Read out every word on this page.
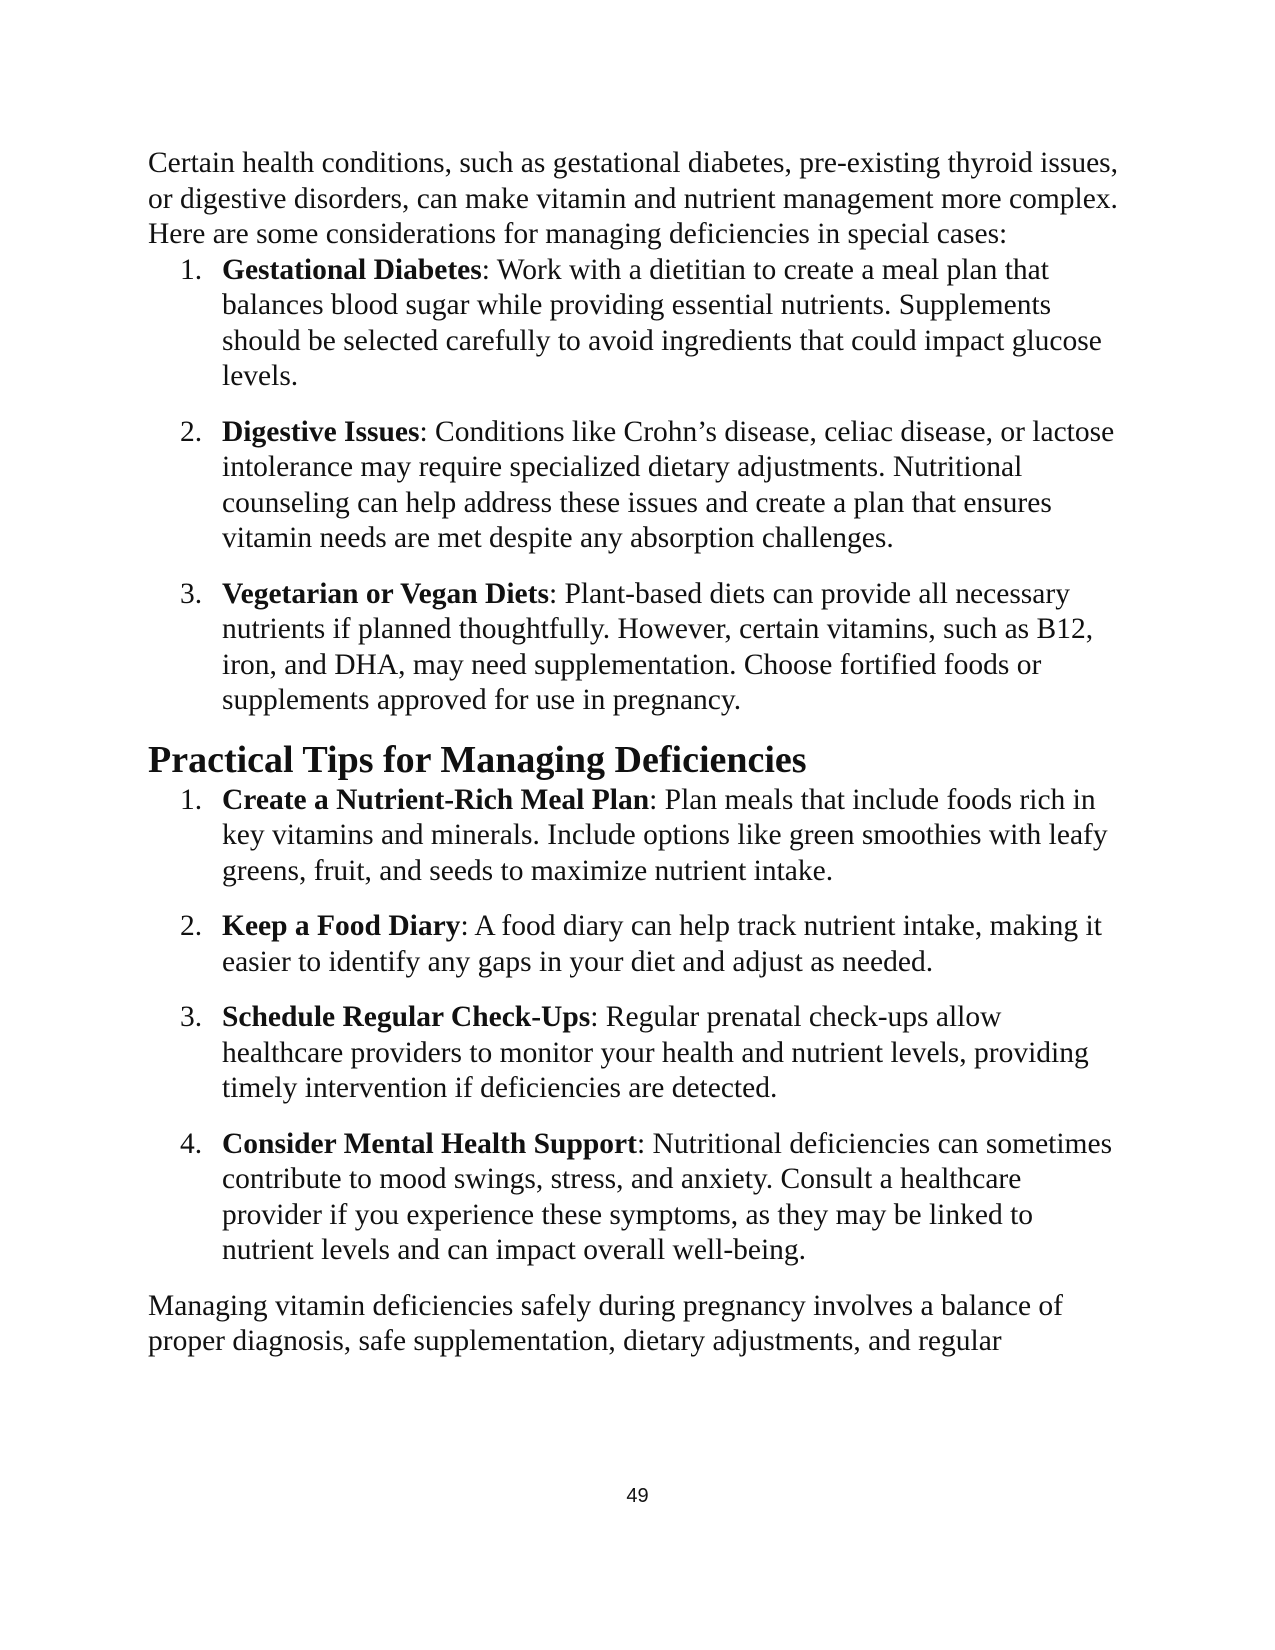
Certain health conditions, such as gestational diabetes, pre-existing thyroid issues, or digestive disorders, can make vitamin and nutrient management more complex. Here are some considerations for managing deficiencies in special cases:

1. Gestational Diabetes: Work with a dietitian to create a meal plan that balances blood sugar while providing essential nutrients. Supplements should be selected carefully to avoid ingredients that could impact glucose levels.
2. Digestive Issues: Conditions like Crohn’s disease, celiac disease, or lactose intolerance may require specialized dietary adjustments. Nutritional counseling can help address these issues and create a plan that ensures vitamin needs are met despite any absorption challenges.
3. Vegetarian or Vegan Diets: Plant-based diets can provide all necessary nutrients if planned thoughtfully. However, certain vitamins, such as B12, iron, and DHA, may need supplementation. Choose fortified foods or supplements approved for use in pregnancy.
Practical Tips for Managing Deficiencies
1. Create a Nutrient-Rich Meal Plan: Plan meals that include foods rich in key vitamins and minerals. Include options like green smoothies with leafy greens, fruit, and seeds to maximize nutrient intake.
2. Keep a Food Diary: A food diary can help track nutrient intake, making it easier to identify any gaps in your diet and adjust as needed.
3. Schedule Regular Check-Ups: Regular prenatal check-ups allow healthcare providers to monitor your health and nutrient levels, providing timely intervention if deficiencies are detected.
4. Consider Mental Health Support: Nutritional deficiencies can sometimes contribute to mood swings, stress, and anxiety. Consult a healthcare provider if you experience these symptoms, as they may be linked to nutrient levels and can impact overall well-being.

Managing vitamin deficiencies safely during pregnancy involves a balance of proper diagnosis, safe supplementation, dietary adjustments, and regular

49
